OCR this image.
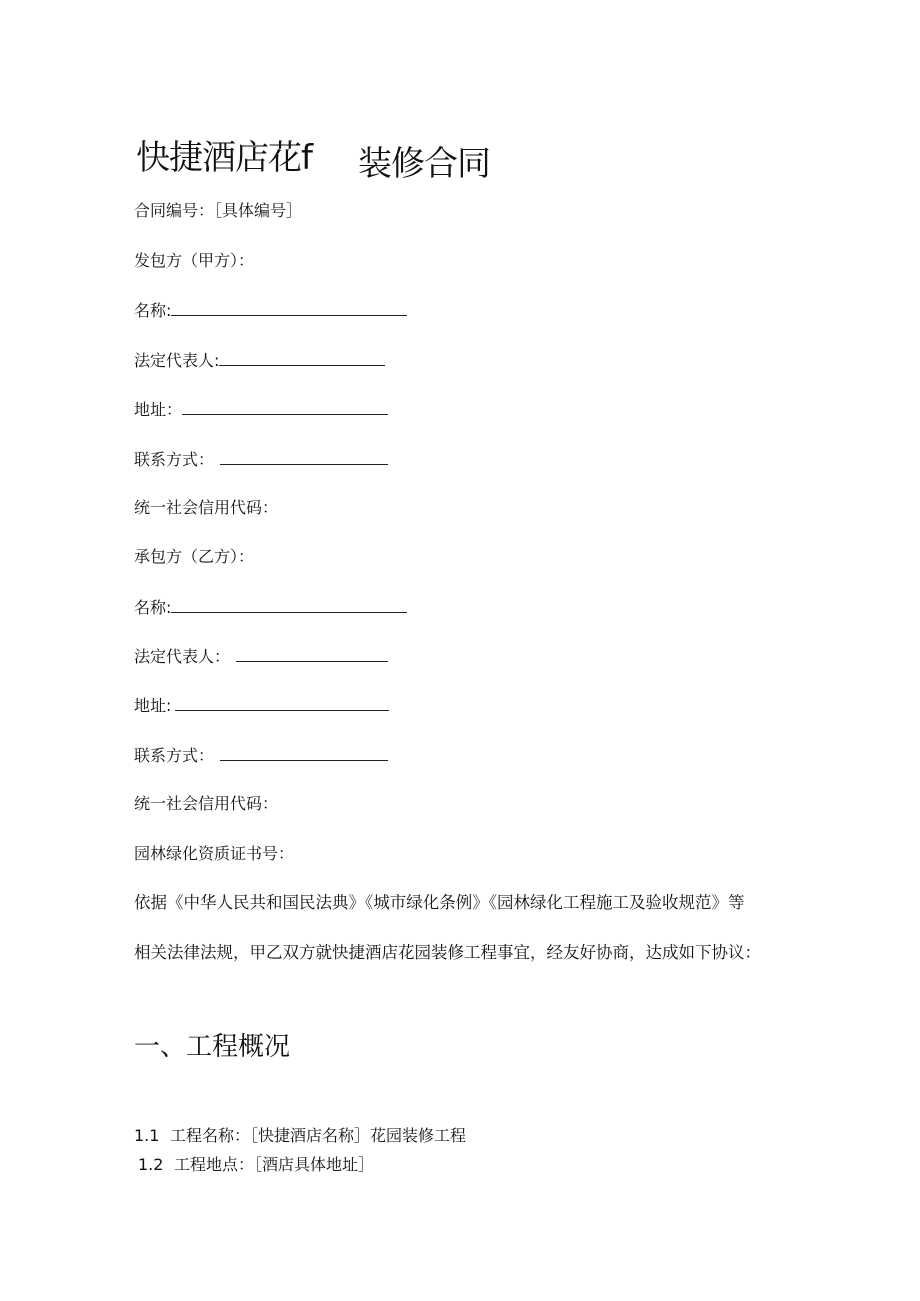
快捷酒店花f 装修合同
合同编号：［具体编号］
发包方（甲方）：
名称:
法定代表人:
地址：
联系方式：
统一社会信用代码：
承包方（乙方）：
名称:
法定代表人：
地址:
联系方式：
统一社会信用代码：
园林绿化资质证书号：
依据《中华人民共和国民法典》《城市绿化条例》《园林绿化工程施工及验收规范》等
相关法律法规，甲乙双方就快捷酒店花园装修工程事宜，经友好协商，达成如下协议：
一、工程概况
1.1 工程名称：［快捷酒店名称］花园装修工程
1.2 工程地点：［酒店具体地址］
